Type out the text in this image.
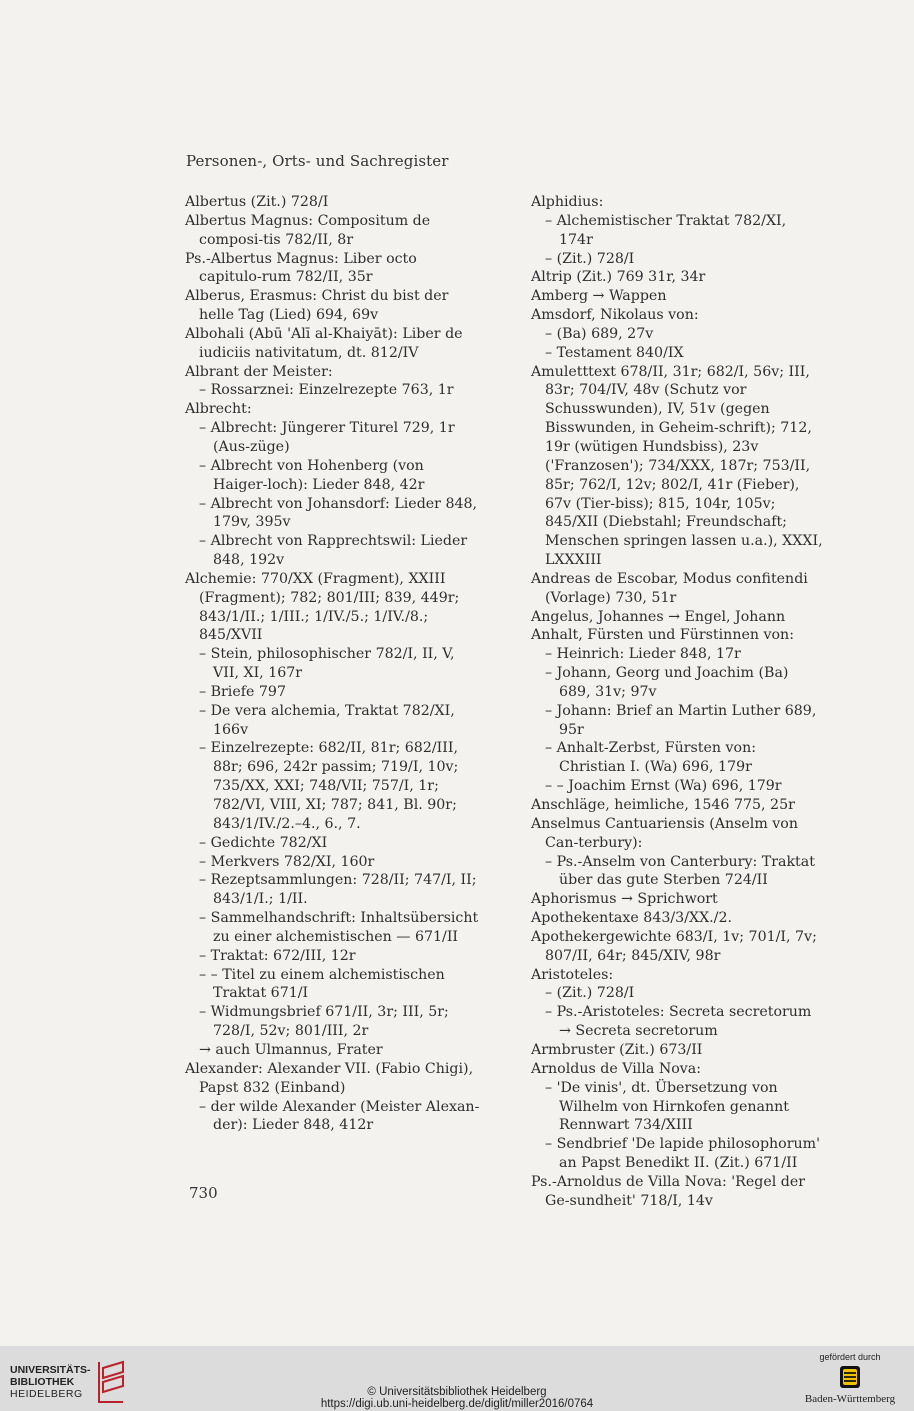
Personen-, Orts- und Sachregister

Albertus (Zit.) 728/I

Albertus Magnus: Compositum de composi-tis 782/II, 8r

Ps.-Albertus Magnus: Liber octo capitulo-rum 782/II, 35r

Alberus, Erasmus: Christ du bist der helle Tag (Lied) 694, 69v

Albohali (Abū 'Alī al-Khaiyāt): Liber de iudiciis nativitatum, dt. 812/IV

Albrant der Meister:

– Rossarznei: Einzelrezepte 763, 1r

Albrecht:

– Albrecht: Jüngerer Titurel 729, 1r (Aus-züge)

– Albrecht von Hohenberg (von Haiger-loch): Lieder 848, 42r

– Albrecht von Johansdorf: Lieder 848, 179v, 395v

– Albrecht von Rapprechtswil: Lieder 848, 192v

Alchemie: 770/XX (Fragment), XXIII (Fragment); 782; 801/III; 839, 449r; 843/1/II.; 1/III.; 1/IV./5.; 1/IV./8.; 845/XVII

– Stein, philosophischer 782/I, II, V, VII, XI, 167r

– Briefe 797

– De vera alchemia, Traktat 782/XI, 166v

– Einzelrezepte: 682/II, 81r; 682/III, 88r; 696, 242r passim; 719/I, 10v; 735/XX, XXI; 748/VII; 757/I, 1r; 782/VI, VIII, XI; 787; 841, Bl. 90r; 843/1/IV./2.–4., 6., 7.

– Gedichte 782/XI

– Merkvers 782/XI, 160r

– Rezeptsammlungen: 728/II; 747/I, II; 843/1/I.; 1/II.

– Sammelhandschrift: Inhaltsübersicht zu einer alchemistischen — 671/II

– Traktat: 672/III, 12r

– – Titel zu einem alchemistischen Traktat 671/I

– Widmungsbrief 671/II, 3r; III, 5r; 728/I, 52v; 801/III, 2r

→ auch Ulmannus, Frater

Alexander: Alexander VII. (Fabio Chigi), Papst 832 (Einband)

– der wilde Alexander (Meister Alexan-der): Lieder 848, 412r

Alphidius:

– Alchemistischer Traktat 782/XI, 174r

– (Zit.) 728/I

Altrip (Zit.) 769 31r, 34r

Amberg → Wappen

Amsdorf, Nikolaus von:

– (Ba) 689, 27v

– Testament 840/IX

Amuletttext 678/II, 31r; 682/I, 56v; III, 83r; 704/IV, 48v (Schutz vor Schusswunden), IV, 51v (gegen Bisswunden, in Geheim-schrift); 712, 19r (wütigen Hundsbiss), 23v ('Franzosen'); 734/XXX, 187r; 753/II, 85r; 762/I, 12v; 802/I, 41r (Fieber), 67v (Tier-biss); 815, 104r, 105v; 845/XII (Diebstahl; Freundschaft; Menschen springen lassen u.a.), XXXI, LXXXIII

Andreas de Escobar, Modus confitendi (Vorlage) 730, 51r

Angelus, Johannes → Engel, Johann

Anhalt, Fürsten und Fürstinnen von:

– Heinrich: Lieder 848, 17r

– Johann, Georg und Joachim (Ba) 689, 31v; 97v

– Johann: Brief an Martin Luther 689, 95r

– Anhalt-Zerbst, Fürsten von: Christian I. (Wa) 696, 179r

– – Joachim Ernst (Wa) 696, 179r

Anschläge, heimliche, 1546 775, 25r

Anselmus Cantuariensis (Anselm von Can-terbury):

– Ps.-Anselm von Canterbury: Traktat über das gute Sterben 724/II

Aphorismus → Sprichwort

Apothekentaxe 843/3/XX./2.

Apothekergewichte 683/I, 1v; 701/I, 7v; 807/II, 64r; 845/XIV, 98r

Aristoteles:

– (Zit.) 728/I

– Ps.-Aristoteles: Secreta secretorum → Secreta secretorum

Armbruster (Zit.) 673/II

Arnoldus de Villa Nova:

– 'De vinis', dt. Übersetzung von Wilhelm von Hirnkofen genannt Rennwart 734/XIII

– Sendbrief 'De lapide philosophorum' an Papst Benedikt II. (Zit.) 671/II

Ps.-Arnoldus de Villa Nova: 'Regel der Ge-sundheit' 718/I, 14v

730
UNIVERSITÄTS-
BIBLIOTHEK
HEIDELBERG	© Universitätsbibliothek Heidelberg
https://digi.ub.uni-heidelberg.de/diglit/miller2016/0764
gefördert durch
Baden-Württemberg
